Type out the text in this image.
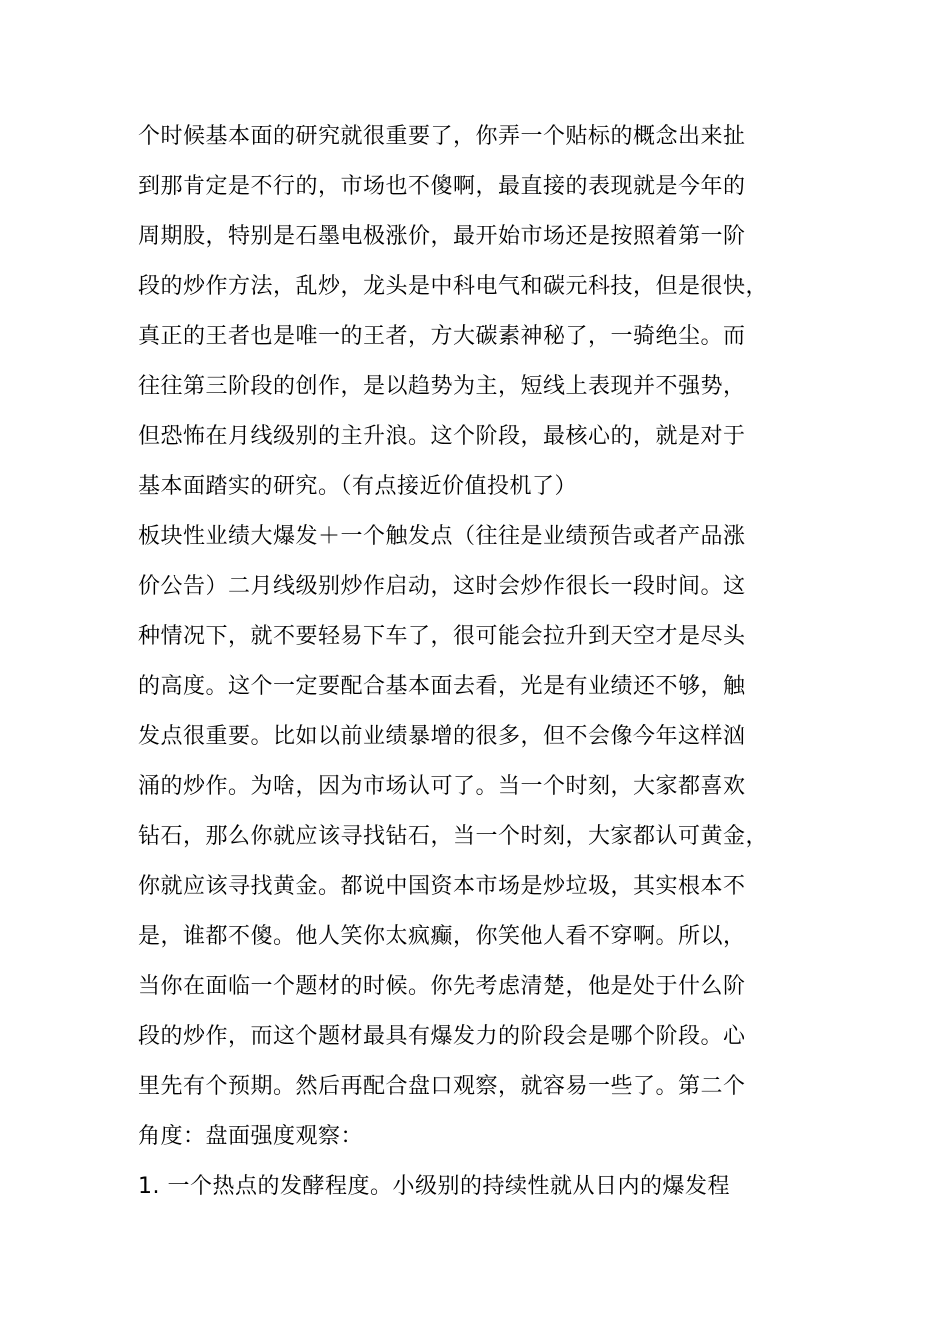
个时候基本面的研究就很重要了，你弄一个贴标的概念出来扯
到那肯定是不行的，市场也不傻啊，最直接的表现就是今年的
周期股，特别是石墨电极涨价，最开始市场还是按照着第一阶
段的炒作方法，乱炒，龙头是中科电气和碳元科技，但是很快，
真正的王者也是唯一的王者，方大碳素神秘了，一骑绝尘。而
往往第三阶段的创作，是以趋势为主，短线上表现并不强势，
但恐怖在月线级别的主升浪。这个阶段，最核心的，就是对于
基本面踏实的研究。（有点接近价值投机了）
板块性业绩大爆发＋一个触发点（往往是业绩预告或者产品涨
价公告）二月线级别炒作启动，这时会炒作很长一段时间。这
种情况下，就不要轻易下车了，很可能会拉升到天空才是尽头
的高度。这个一定要配合基本面去看，光是有业绩还不够，触
发点很重要。比如以前业绩暴增的很多，但不会像今年这样汹
涌的炒作。为啥，因为市场认可了。当一个时刻，大家都喜欢
钻石，那么你就应该寻找钻石，当一个时刻，大家都认可黄金，
你就应该寻找黄金。都说中国资本市场是炒垃圾，其实根本不
是，谁都不傻。他人笑你太疯癫，你笑他人看不穿啊。所以，
当你在面临一个题材的时候。你先考虑清楚，他是处于什么阶
段的炒作，而这个题材最具有爆发力的阶段会是哪个阶段。心
里先有个预期。然后再配合盘口观察，就容易一些了。第二个
角度：盘面强度观察：
1. 一个热点的发酵程度。小级别的持续性就从日内的爆发程
